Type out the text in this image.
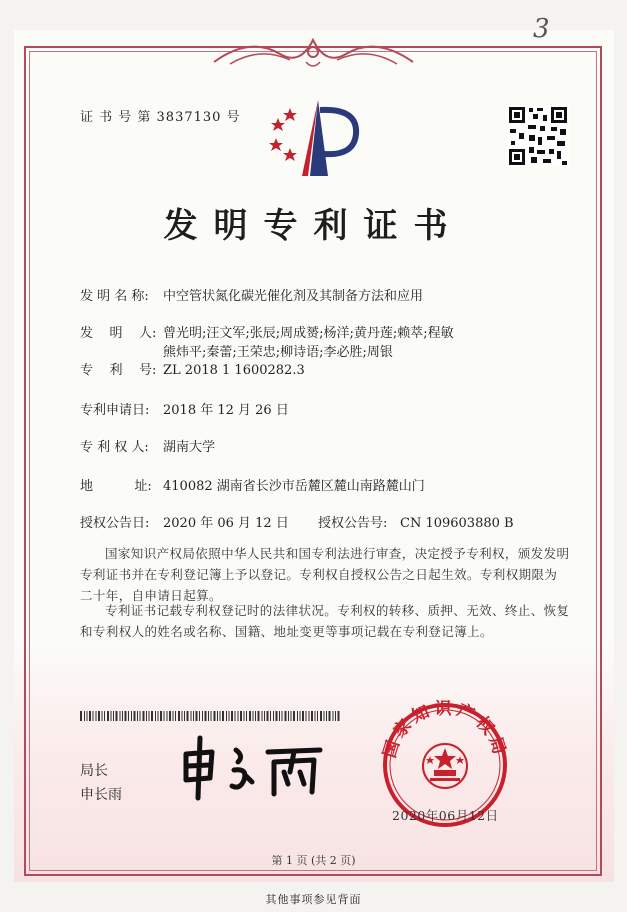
3
证 书 号 第 3837130 号
发明专利证书
发 明 名 称: 中空管状氮化碳光催化剂及其制备方法和应用
发    明    人: 曾光明;汪文军;张辰;周成赟;杨洋;黄丹莲;赖萃;程敏
熊炜平;秦蕾;王荣忠;柳诗语;李必胜;周银
专    利    号: ZL 2018 1 1600282.3
专利申请日: 2018 年 12 月 26 日
专 利 权 人: 湖南大学
地          址: 410082 湖南省长沙市岳麓区麓山南路麓山门
授权公告日: 2020 年 06 月 12 日 授权公告号: CN 109603880 B
国家知识产权局依照中华人民共和国专利法进行审查，决定授予专利权，颁发发明专利证书并在专利登记簿上予以登记。专利权自授权公告之日起生效。专利权期限为二十年，自申请日起算。
专利证书记载专利权登记时的法律状况。专利权的转移、质押、无效、终止、恢复和专利权人的姓名或名称、国籍、地址变更等事项记载在专利登记簿上。
局长
申长雨
国家知识产权局
2020年06月12日
第 1 页 (共 2 页)
其他事项参见背面
